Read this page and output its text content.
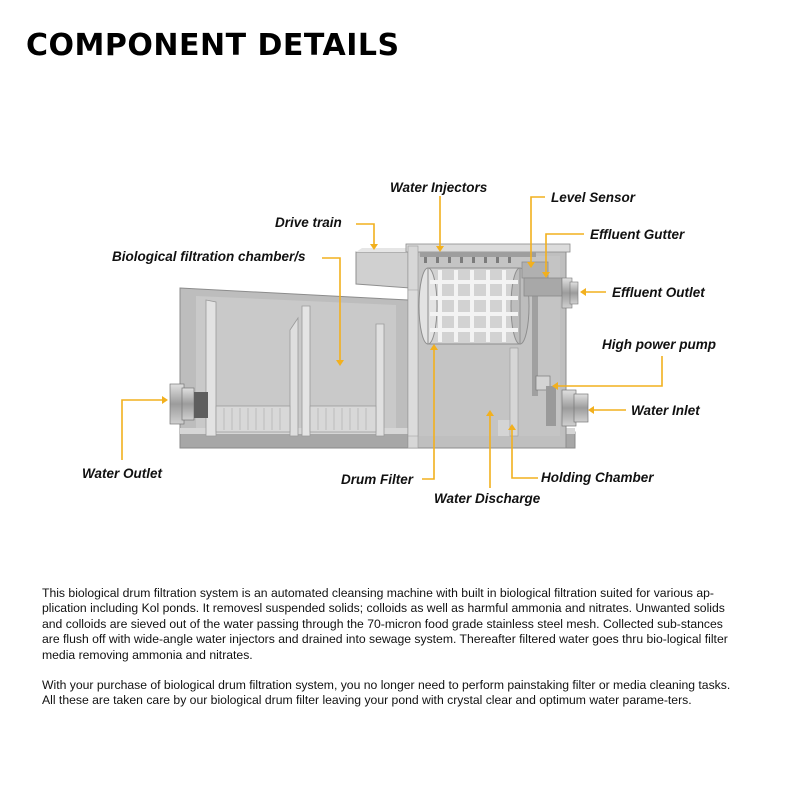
COMPONENT DETAILS
Water Injectors
Level Sensor
Drive train
Effluent Gutter
Biological filtration chamber/s
Effluent Outlet
High power pump
Water Inlet
Water Outlet	Drum Filter	Holding Chamber
Water Discharge

This biological drum filtration system is an automated cleansing machine with built in biological filtration suited for various ap-plication including Kol ponds. It removesl suspended solids; colloids as well as harmful ammonia and nitrates. Unwanted solids and colloids are sieved out of the water passing through the 70-micron food grade stainless steel mesh. Collected sub-stances are flush off with wide-angle water injectors and drained into sewage system. Thereafter filtered water goes thru bio-logical filter media removing ammonia and nitrates.

With your purchase of biological drum filtration system, you no longer need to perform painstaking filter or media cleaning tasks. All these are taken care by our biological drum filter leaving your pond with crystal clear and optimum water parame-ters.
